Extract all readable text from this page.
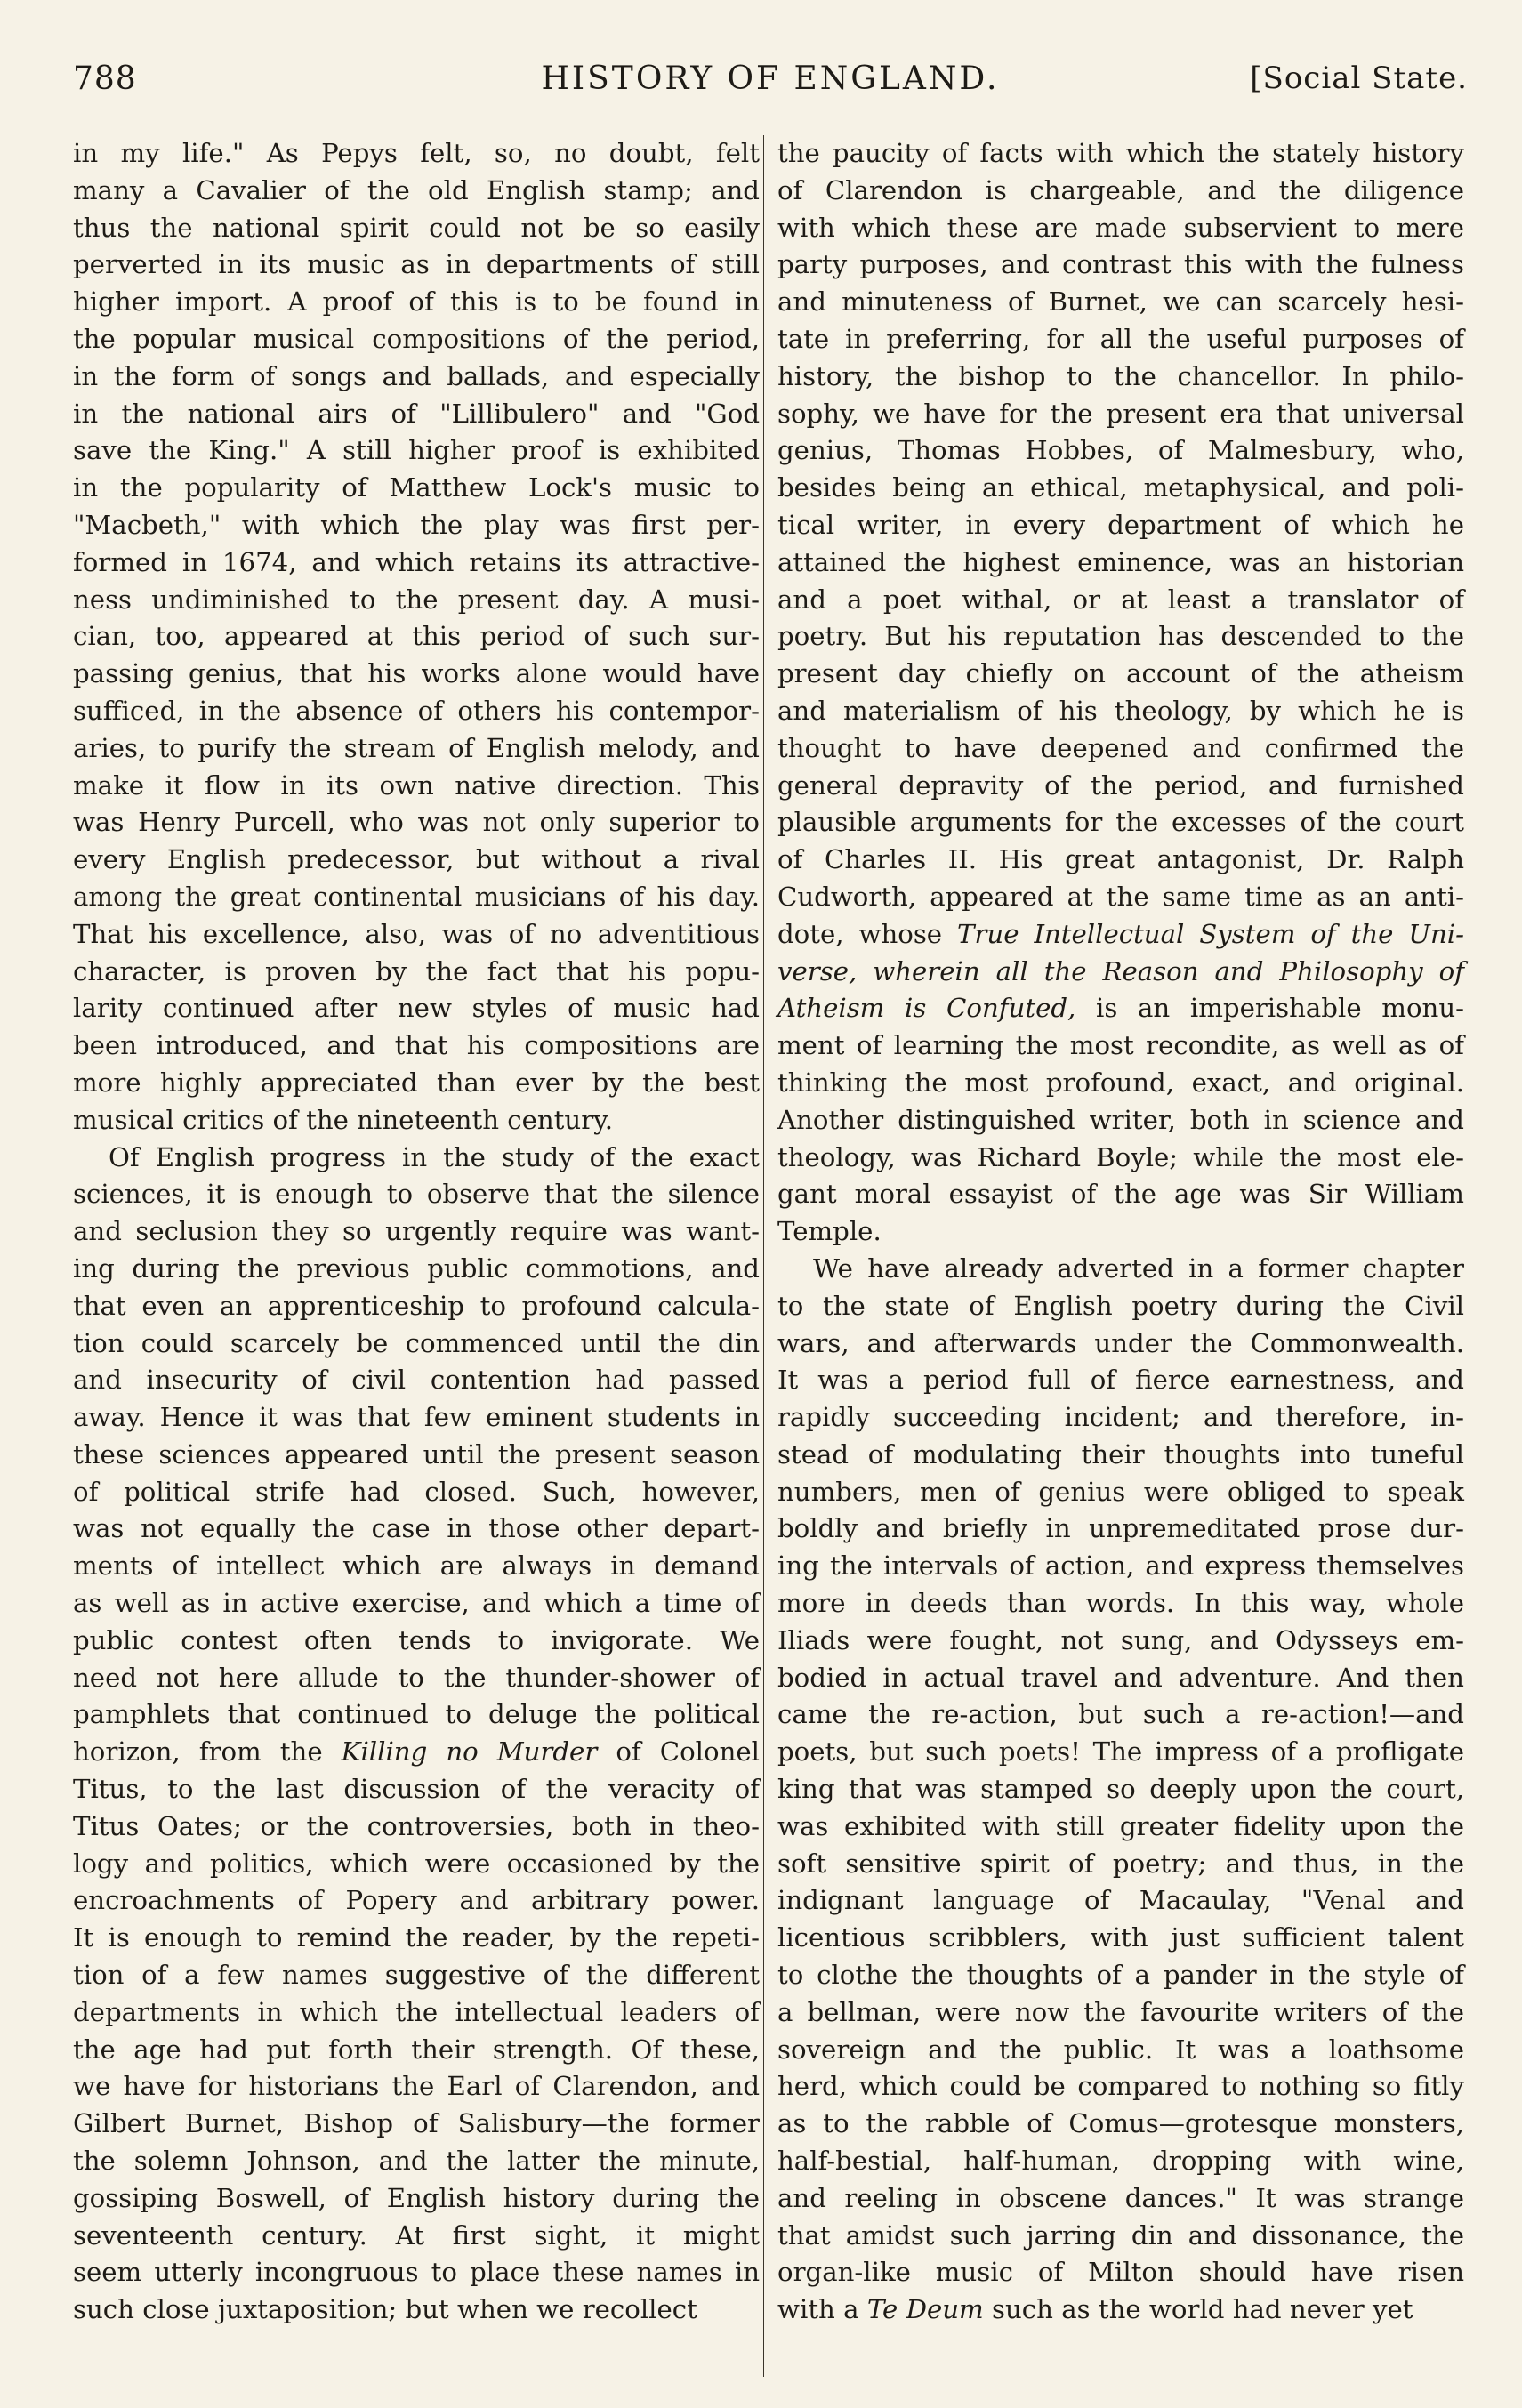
788	HISTORY OF ENGLAND.	[Social State.
in my life." As Pepys felt, so, no doubt, felt
many a Cavalier of the old English stamp; and
thus the national spirit could not be so easily
perverted in its music as in departments of still
higher import. A proof of this is to be found in
the popular musical compositions of the period,
in the form of songs and ballads, and especially
in the national airs of "Lillibulero" and "God
save the King." A still higher proof is exhibited
in the popularity of Matthew Lock's music to
"Macbeth," with which the play was first per-
formed in 1674, and which retains its attractive-
ness undiminished to the present day. A musi-
cian, too, appeared at this period of such sur-
passing genius, that his works alone would have
sufficed, in the absence of others his contempor-
aries, to purify the stream of English melody, and
make it flow in its own native direction. This
was Henry Purcell, who was not only superior to
every English predecessor, but without a rival
among the great continental musicians of his day.
That his excellence, also, was of no adventitious
character, is proven by the fact that his popu-
larity continued after new styles of music had
been introduced, and that his compositions are
more highly appreciated than ever by the best
musical critics of the nineteenth century.
Of English progress in the study of the exact
sciences, it is enough to observe that the silence
and seclusion they so urgently require was want-
ing during the previous public commotions, and
that even an apprenticeship to profound calcula-
tion could scarcely be commenced until the din
and insecurity of civil contention had passed
away. Hence it was that few eminent students in
these sciences appeared until the present season
of political strife had closed. Such, however,
was not equally the case in those other depart-
ments of intellect which are always in demand
as well as in active exercise, and which a time of
public contest often tends to invigorate. We
need not here allude to the thunder-shower of
pamphlets that continued to deluge the political
horizon, from the Killing no Murder of Colonel
Titus, to the last discussion of the veracity of
Titus Oates; or the controversies, both in theo-
logy and politics, which were occasioned by the
encroachments of Popery and arbitrary power.
It is enough to remind the reader, by the repeti-
tion of a few names suggestive of the different
departments in which the intellectual leaders of
the age had put forth their strength. Of these,
we have for historians the Earl of Clarendon, and
Gilbert Burnet, Bishop of Salisbury—the former
the solemn Johnson, and the latter the minute,
gossiping Boswell, of English history during the
seventeenth century. At first sight, it might
seem utterly incongruous to place these names in
such close juxtaposition; but when we recollect
the paucity of facts with which the stately history
of Clarendon is chargeable, and the diligence
with which these are made subservient to mere
party purposes, and contrast this with the fulness
and minuteness of Burnet, we can scarcely hesi-
tate in preferring, for all the useful purposes of
history, the bishop to the chancellor. In philo-
sophy, we have for the present era that universal
genius, Thomas Hobbes, of Malmesbury, who,
besides being an ethical, metaphysical, and poli-
tical writer, in every department of which he
attained the highest eminence, was an historian
and a poet withal, or at least a translator of
poetry. But his reputation has descended to the
present day chiefly on account of the atheism
and materialism of his theology, by which he is
thought to have deepened and confirmed the
general depravity of the period, and furnished
plausible arguments for the excesses of the court
of Charles II. His great antagonist, Dr. Ralph
Cudworth, appeared at the same time as an anti-
dote, whose True Intellectual System of the Uni-
verse, wherein all the Reason and Philosophy of
Atheism is Confuted, is an imperishable monu-
ment of learning the most recondite, as well as of
thinking the most profound, exact, and original.
Another distinguished writer, both in science and
theology, was Richard Boyle; while the most ele-
gant moral essayist of the age was Sir William
Temple.
We have already adverted in a former chapter
to the state of English poetry during the Civil
wars, and afterwards under the Commonwealth.
It was a period full of fierce earnestness, and
rapidly succeeding incident; and therefore, in-
stead of modulating their thoughts into tuneful
numbers, men of genius were obliged to speak
boldly and briefly in unpremeditated prose dur-
ing the intervals of action, and express themselves
more in deeds than words. In this way, whole
Iliads were fought, not sung, and Odysseys em-
bodied in actual travel and adventure. And then
came the re-action, but such a re-action!—and
poets, but such poets! The impress of a profligate
king that was stamped so deeply upon the court,
was exhibited with still greater fidelity upon the
soft sensitive spirit of poetry; and thus, in the
indignant language of Macaulay, "Venal and
licentious scribblers, with just sufficient talent
to clothe the thoughts of a pander in the style of
a bellman, were now the favourite writers of the
sovereign and the public. It was a loathsome
herd, which could be compared to nothing so fitly
as to the rabble of Comus—grotesque monsters,
half-bestial, half-human, dropping with wine,
and reeling in obscene dances." It was strange
that amidst such jarring din and dissonance, the
organ-like music of Milton should have risen
with a Te Deum such as the world had never yet
